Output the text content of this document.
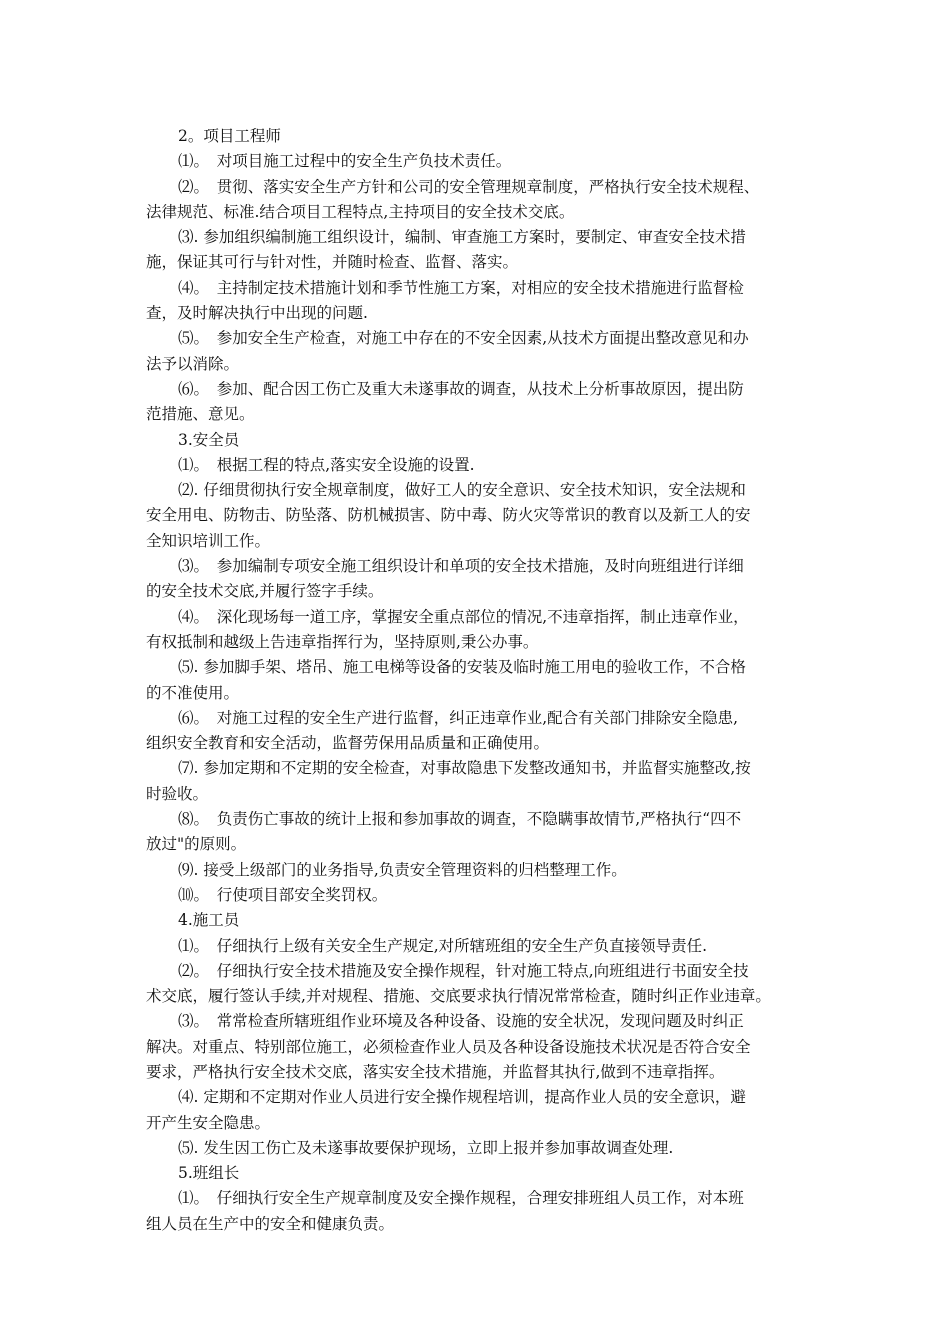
2。项目工程师

⑴。　对项目施工过程中的安全生产负技术责任。

⑵。　贯彻、落实安全生产方针和公司的安全管理规章制度，严格执行安全技术规程、

法律规范、标准.结合项目工程特点,主持项目的安全技术交底。

⑶. 参加组织编制施工组织设计，编制、审查施工方案时，要制定、审查安全技术措

施，保证其可行与针对性，并随时检查、监督、落实。

⑷。　主持制定技术措施计划和季节性施工方案，对相应的安全技术措施进行监督检

查，及时解决执行中出现的问题.

⑸。　参加安全生产检查，对施工中存在的不安全因素,从技术方面提出整改意见和办

法予以消除。

⑹。　参加、配合因工伤亡及重大未遂事故的调查，从技术上分析事故原因，提出防

范措施、意见。

3.安全员

⑴。　根据工程的特点,落实安全设施的设置.

⑵. 仔细贯彻执行安全规章制度，做好工人的安全意识、安全技术知识，安全法规和

安全用电、防物击、防坠落、防机械损害、防中毒、防火灾等常识的教育以及新工人的安

全知识培训工作。

⑶。　参加编制专项安全施工组织设计和单项的安全技术措施，及时向班组进行详细

的安全技术交底,并履行签字手续。

⑷。　深化现场每一道工序，掌握安全重点部位的情况,不违章指挥，制止违章作业，

有权抵制和越级上告违章指挥行为，坚持原则,秉公办事。

⑸. 参加脚手架、塔吊、施工电梯等设备的安装及临时施工用电的验收工作，不合格

的不准使用。

⑹。　对施工过程的安全生产进行监督，纠正违章作业,配合有关部门排除安全隐患,

组织安全教育和安全活动，监督劳保用品质量和正确使用。

⑺. 参加定期和不定期的安全检查，对事故隐患下发整改通知书，并监督实施整改,按

时验收。

⑻。　负责伤亡事故的统计上报和参加事故的调查，不隐瞒事故情节,严格执行“四不

放过"的原则。

⑼. 接受上级部门的业务指导,负责安全管理资料的归档整理工作。

⑽。　行使项目部安全奖罚权。

4.施工员

⑴。　仔细执行上级有关安全生产规定,对所辖班组的安全生产负直接领导责任.

⑵。　仔细执行安全技术措施及安全操作规程，针对施工特点,向班组进行书面安全技

术交底，履行签认手续,并对规程、措施、交底要求执行情况常常检查，随时纠正作业违章。

⑶。　常常检查所辖班组作业环境及各种设备、设施的安全状况，发现问题及时纠正

解决。对重点、特别部位施工，必须检查作业人员及各种设备设施技术状况是否符合安全

要求，严格执行安全技术交底，落实安全技术措施，并监督其执行,做到不违章指挥。

⑷. 定期和不定期对作业人员进行安全操作规程培训，提高作业人员的安全意识，避

开产生安全隐患。

⑸. 发生因工伤亡及未遂事故要保护现场，立即上报并参加事故调查处理.

5.班组长

⑴。　仔细执行安全生产规章制度及安全操作规程，合理安排班组人员工作，对本班

组人员在生产中的安全和健康负责。
